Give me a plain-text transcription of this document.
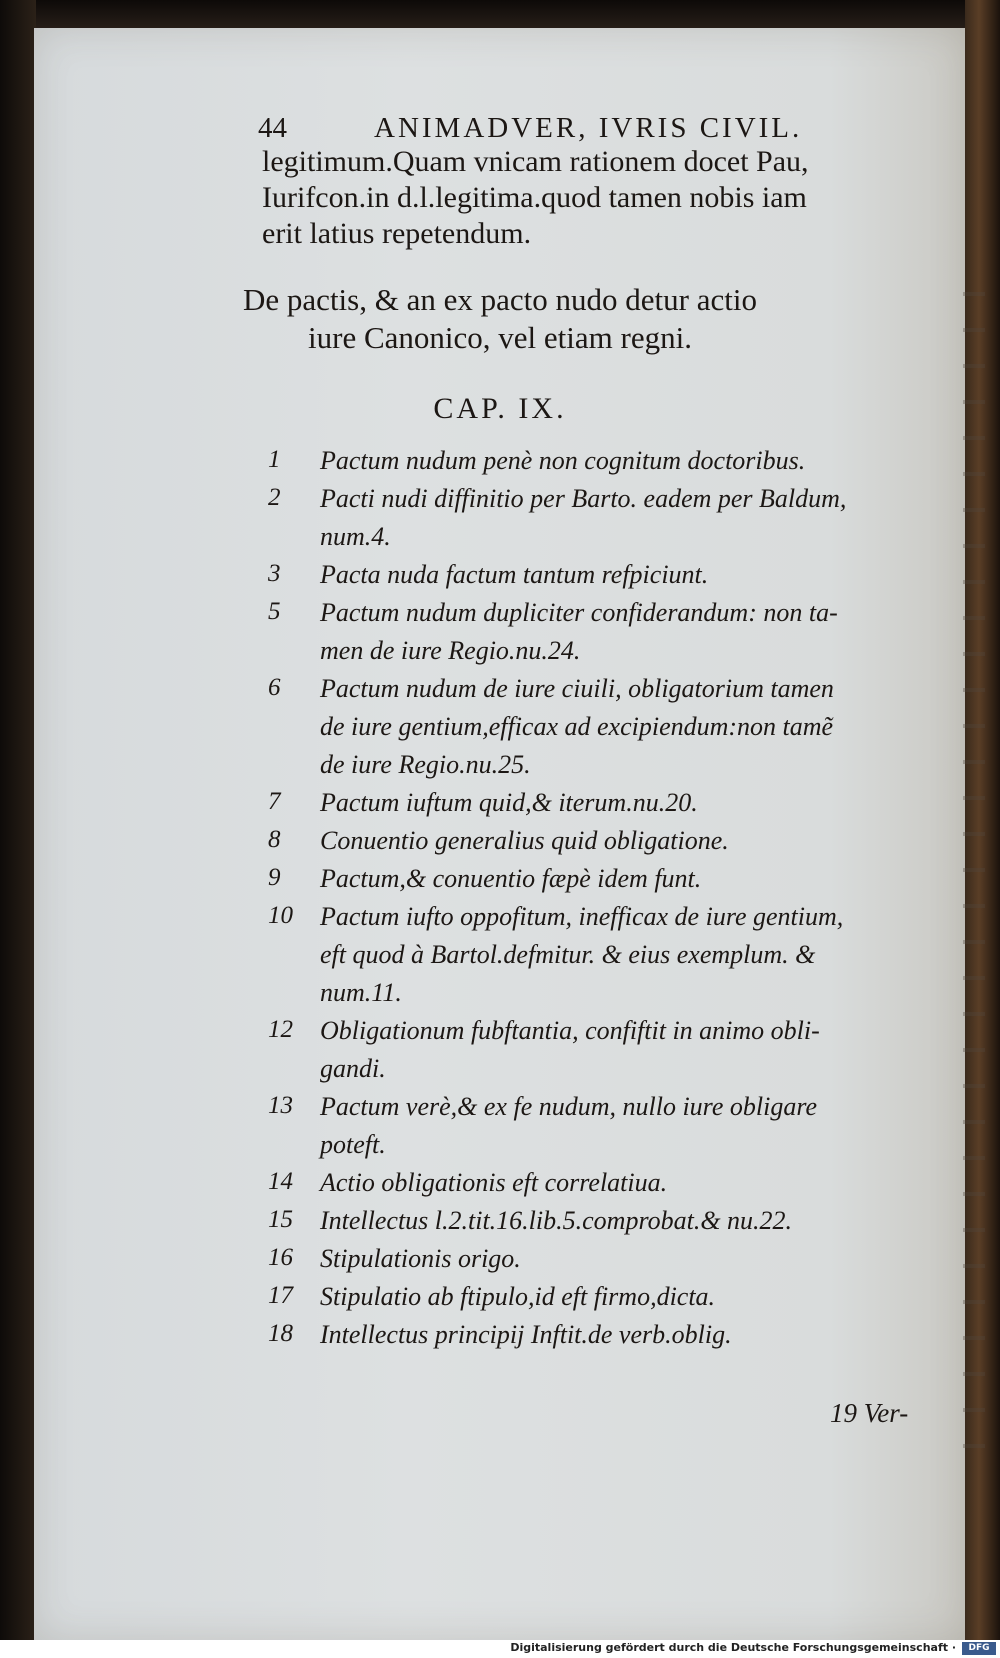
44	ANIMADVER, IVRIS CIVIL.
legitimum.Quam vnicam rationem docet Pau,
Iurifcon.in d.l.legitima.quod tamen nobis iam
erit latius repetendum.
De pactis, & an ex pacto nudo detur actio
iure Canonico, vel etiam regni.
CAP. IX.
1 Pactum nudum penè non cognitum doctoribus.
2 Pacti nudi diffinitio per Barto. eadem per Baldum,
num.4.
3 Pacta nuda factum tantum refpiciunt.
5 Pactum nudum dupliciter confiderandum: non ta-
men de iure Regio.nu.24.
6 Pactum nudum de iure ciuili, obligatorium tamen
de iure gentium,efficax ad excipiendum:non tamẽ
de iure Regio.nu.25.
7 Pactum iuftum quid,& iterum.nu.20.
8 Conuentio generalius quid obligatione.
9 Pactum,& conuentio fæpè idem funt.
10 Pactum iufto oppofitum, inefficax de iure gentium,
eft quod à Bartol.defmitur. & eius exemplum. &
num.11.
12 Obligationum fubftantia, confiftit in animo obli-
gandi.
13 Pactum verè,& ex fe nudum, nullo iure obligare
poteft.
14 Actio obligationis eft correlatiua.
15 Intellectus l.2.tit.16.lib.5.comprobat.& nu.22.
16 Stipulationis origo.
17 Stipulatio ab ftipulo,id eft firmo,dicta.
18 Intellectus principij Inftit.de verb.oblig.
19 Ver-
Digitalisierung gefördert durch die Deutsche Forschungsgemeinschaft ·	DFG
